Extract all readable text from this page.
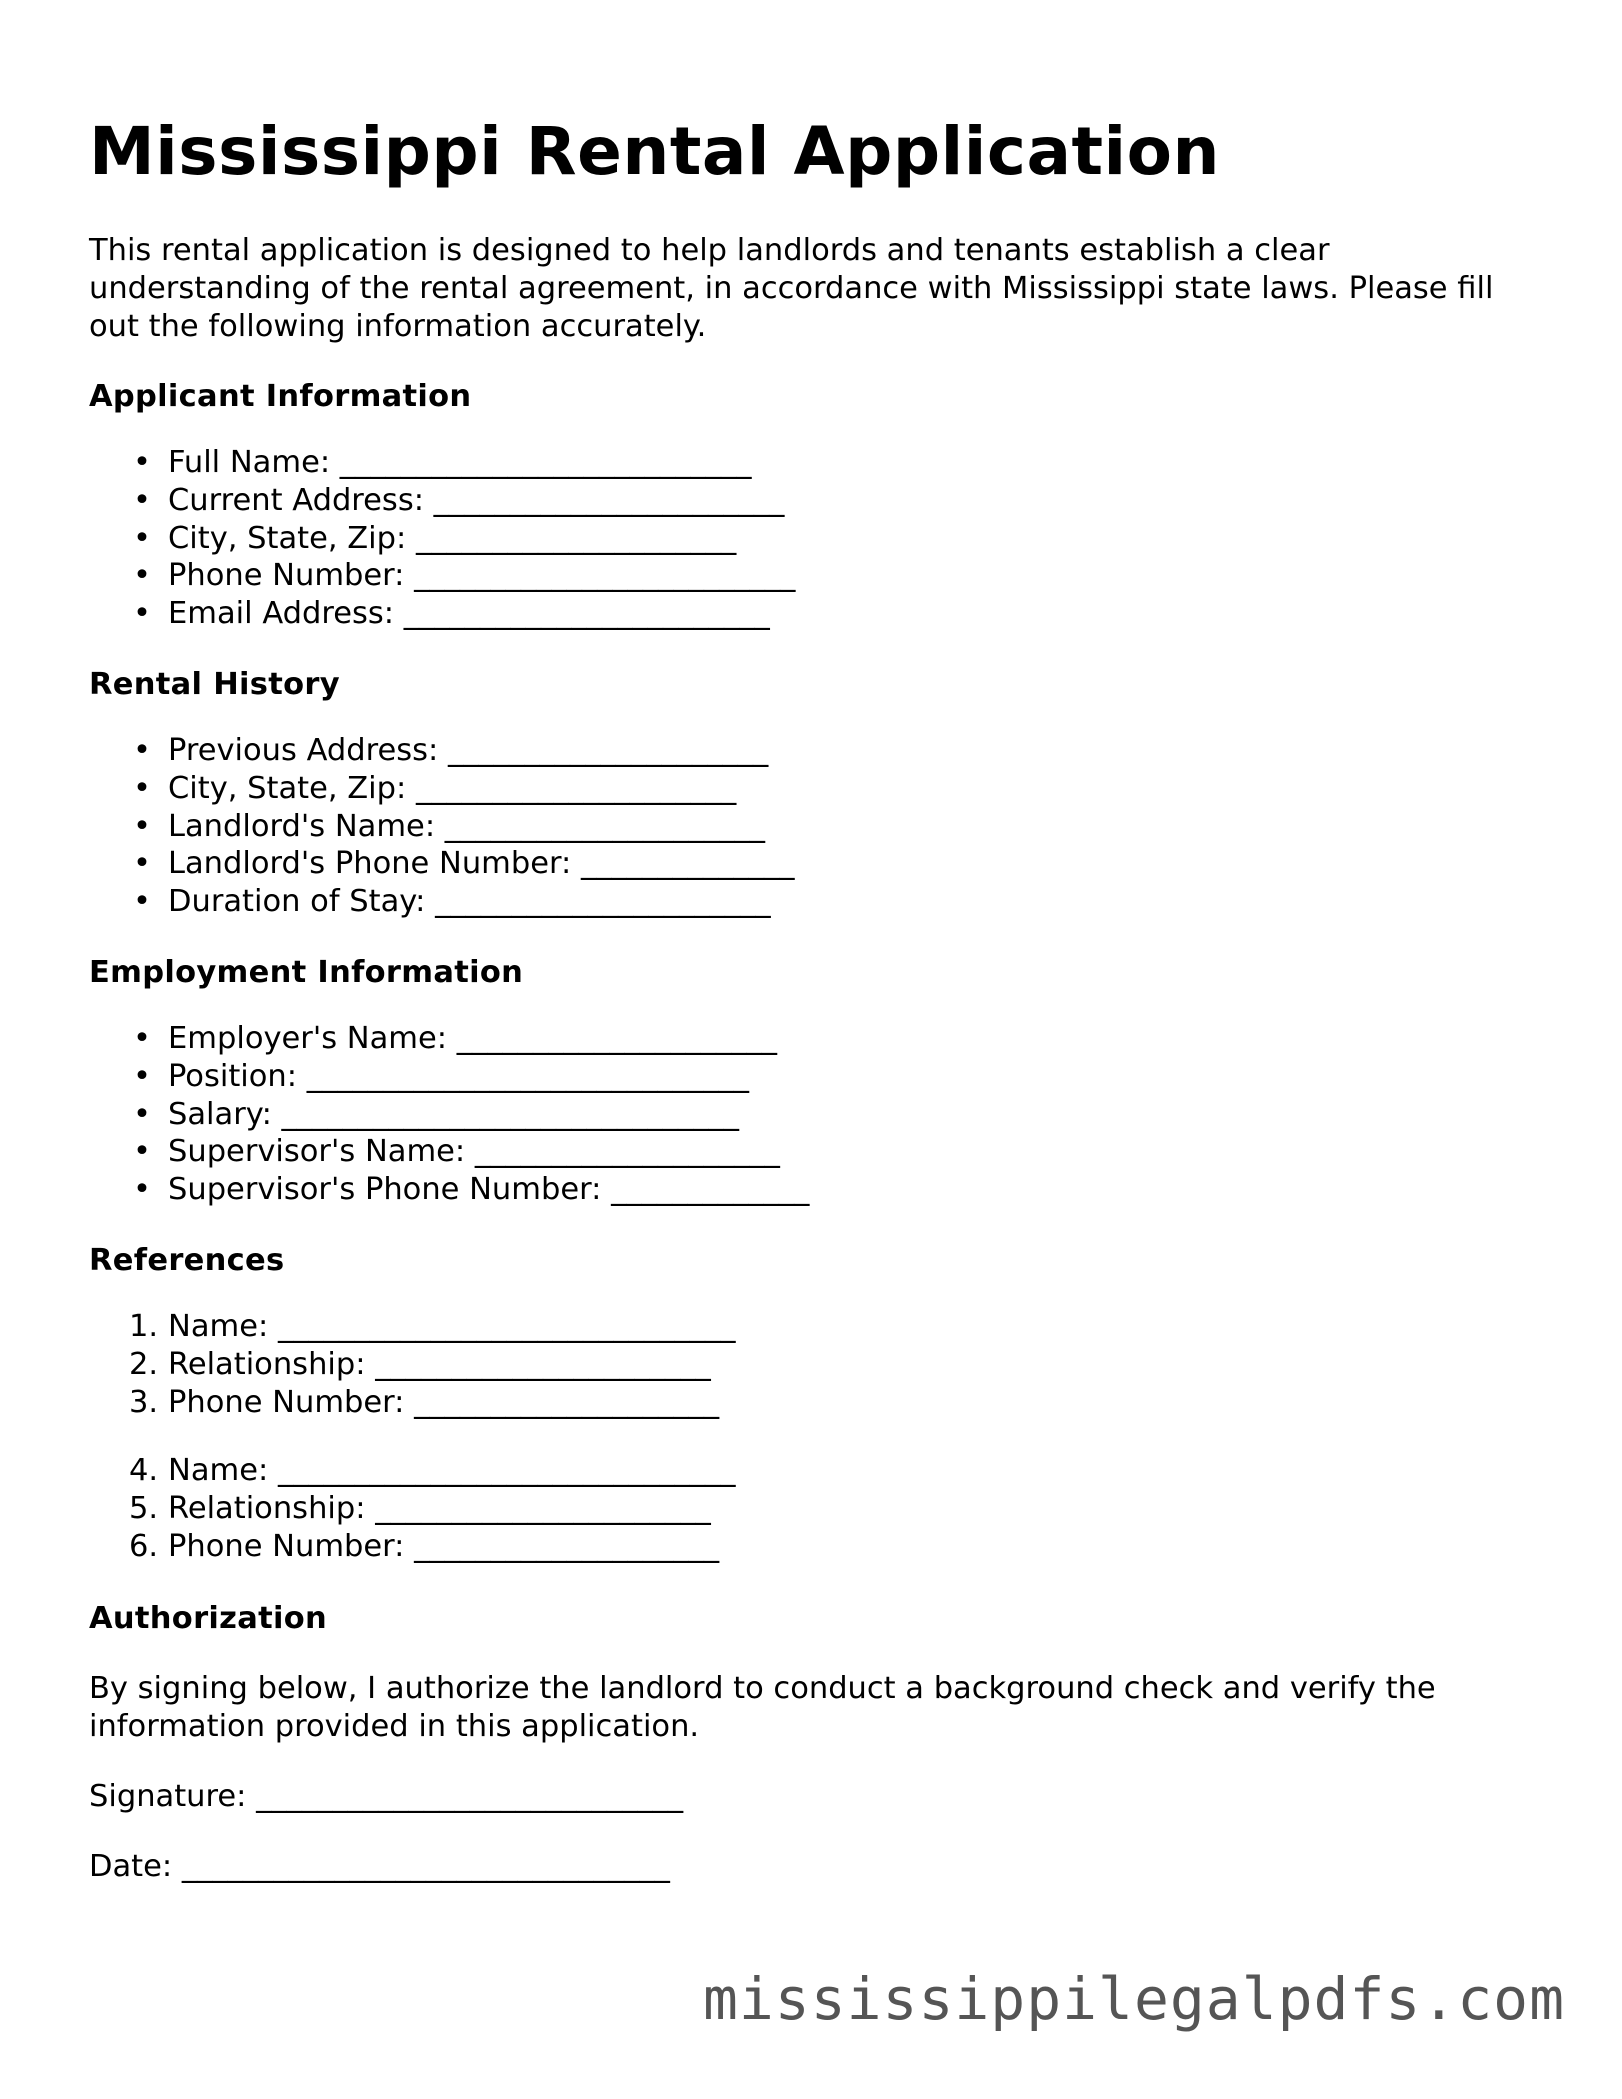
Mississippi Rental Application

This rental application is designed to help landlords and tenants establish a clear understanding of the rental agreement, in accordance with Mississippi state laws. Please fill out the following information accurately.

Applicant Information
• Full Name: ___________________________
• Current Address: _______________________
• City, State, Zip: _____________________
• Phone Number: _________________________
• Email Address: ________________________
Rental History
• Previous Address: _____________________
• City, State, Zip: _____________________
• Landlord's Name: _____________________
• Landlord's Phone Number: ______________
• Duration of Stay: ______________________
Employment Information
• Employer's Name: _____________________
• Position: _____________________________
• Salary: ______________________________
• Supervisor's Name: ____________________
• Supervisor's Phone Number: _____________
References
1. Name: ______________________________
2. Relationship: ______________________
3. Phone Number: ____________________
4. Name: ______________________________
5. Relationship: ______________________
6. Phone Number: ____________________
Authorization

By signing below, I authorize the landlord to conduct a background check and verify the information provided in this application.

Signature: ____________________________

Date: ________________________________

mississippilegalpdfs.com
